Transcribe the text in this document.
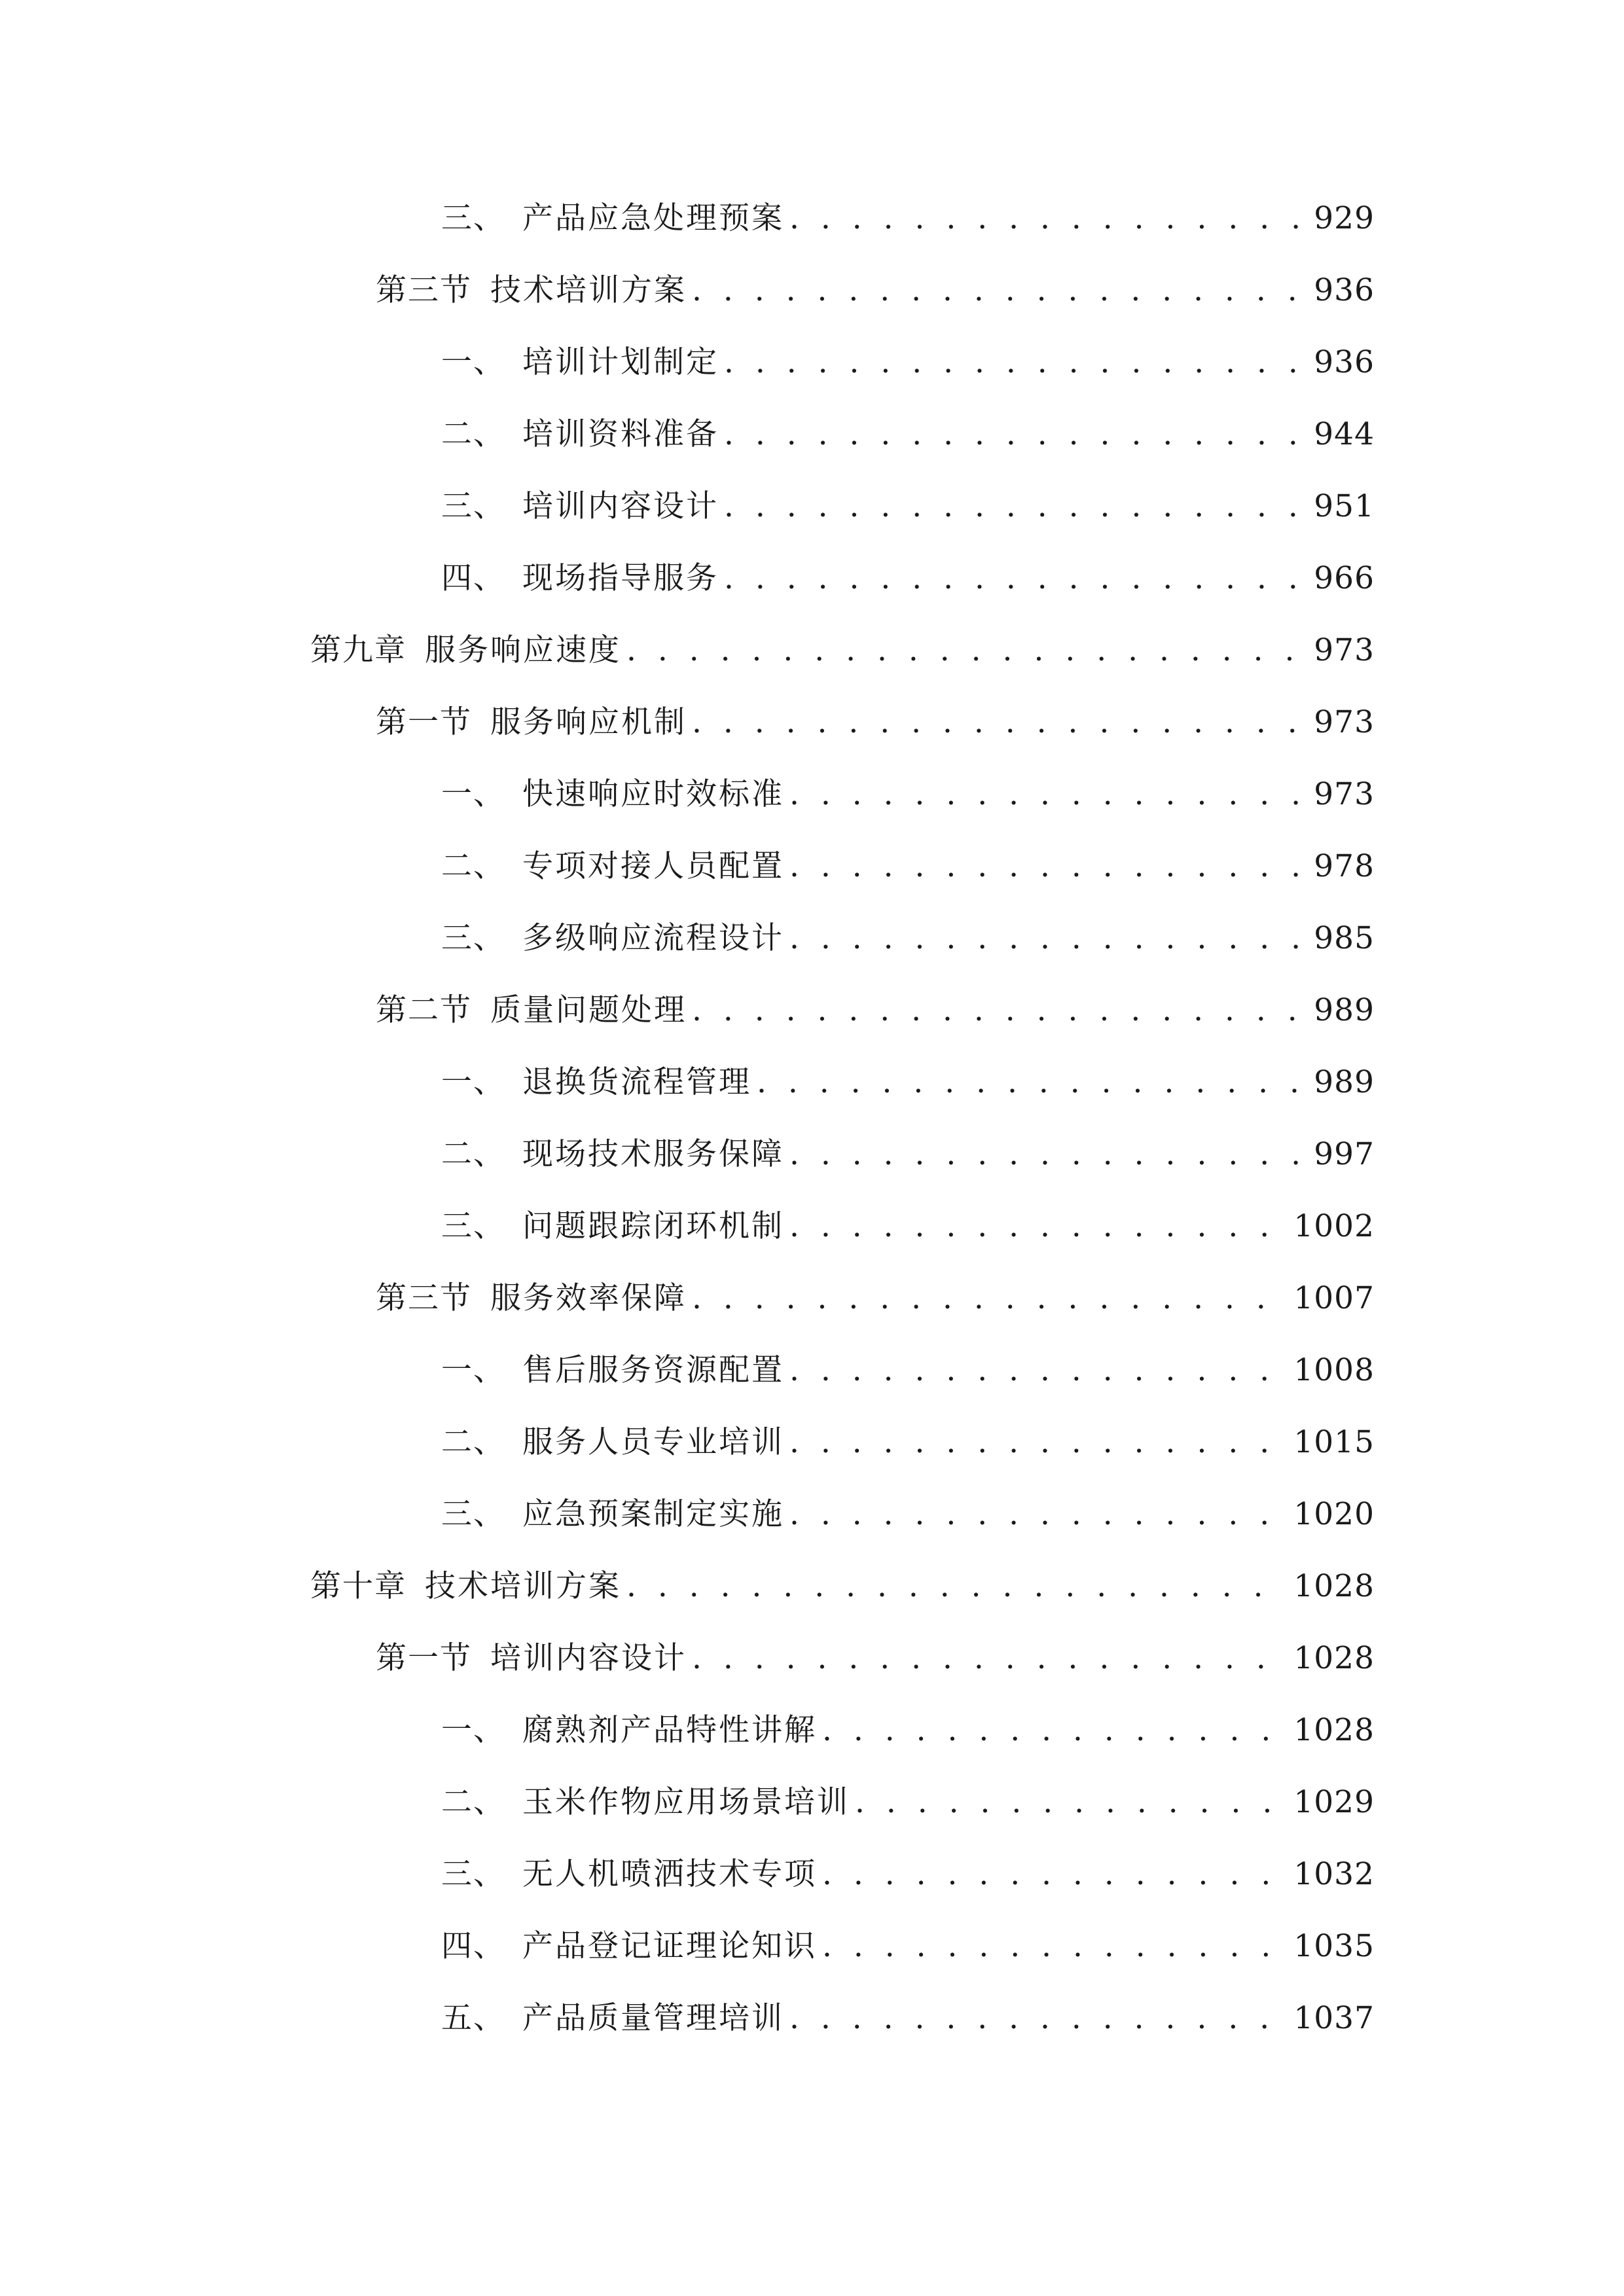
三、 产品应急处理预案 . . .	929
第三节 技术培训方案 . . .	936
一、 培训计划制定 . . .	936
二、 培训资料准备 . . .	944
三、 培训内容设计 . . .	951
四、 现场指导服务 . . .	966
第九章 服务响应速度 . . .	973
第一节 服务响应机制 . . .	973
一、 快速响应时效标准 . . .	973
二、 专项对接人员配置 . . .	978
三、 多级响应流程设计 . . .	985
第二节 质量问题处理 . . .	989
一、 退换货流程管理 . . .	989
二、 现场技术服务保障 . . .	997
三、 问题跟踪闭环机制 . . .	1002
第三节 服务效率保障 . . .	1007
一、 售后服务资源配置 . . .	1008
二、 服务人员专业培训 . . .	1015
三、 应急预案制定实施 . . .	1020
第十章 技术培训方案 . . .	1028
第一节 培训内容设计 . . .	1028
一、 腐熟剂产品特性讲解 . . .	1028
二、 玉米作物应用场景培训 . . .	1029
三、 无人机喷洒技术专项 . . .	1032
四、 产品登记证理论知识 . . .	1035
五、 产品质量管理培训 . . .	1037
